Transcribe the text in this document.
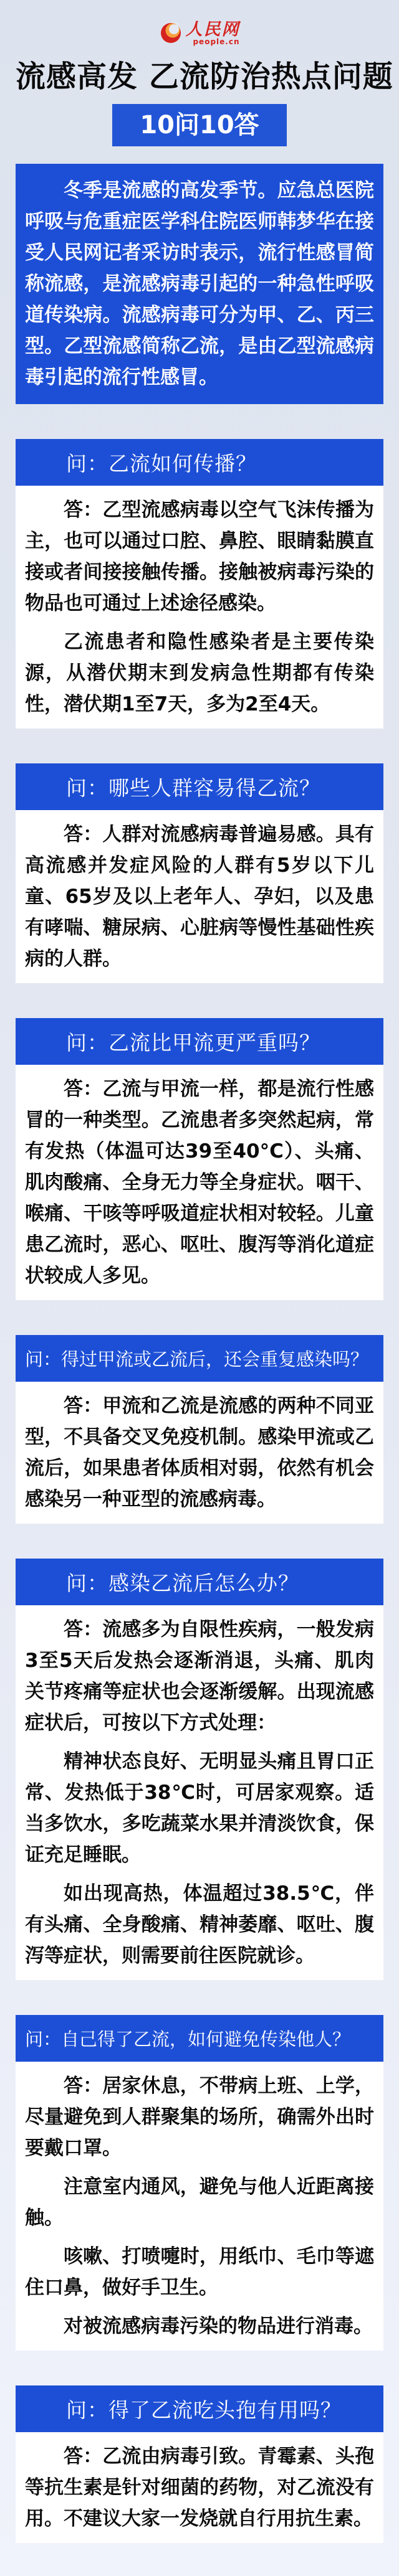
人民网
people.cn
流感高发 乙流防治热点问题
10问10答

冬季是流感的高发季节。应急总医院呼吸与危重症医学科住院医师韩梦华在接受人民网记者采访时表示，流行性感冒简称流感，是流感病毒引起的一种急性呼吸道传染病。流感病毒可分为甲、乙、丙三型。乙型流感简称乙流，是由乙型流感病毒引起的流行性感冒。

问：乙流如何传播？

答：乙型流感病毒以空气飞沫传播为主，也可以通过口腔、鼻腔、眼睛黏膜直接或者间接接触传播。接触被病毒污染的物品也可通过上述途径感染。

乙流患者和隐性感染者是主要传染源，从潜伏期末到发病急性期都有传染性，潜伏期1至7天，多为2至4天。

问：哪些人群容易得乙流？

答：人群对流感病毒普遍易感。具有高流感并发症风险的人群有5岁以下儿童、65岁及以上老年人、孕妇，以及患有哮喘、糖尿病、心脏病等慢性基础性疾病的人群。

问：乙流比甲流更严重吗？

答：乙流与甲流一样，都是流行性感冒的一种类型。乙流患者多突然起病，常有发热（体温可达39至40°C）、头痛、肌肉酸痛、全身无力等全身症状。咽干、喉痛、干咳等呼吸道症状相对较轻。儿童患乙流时，恶心、呕吐、腹泻等消化道症状较成人多见。

问：得过甲流或乙流后，还会重复感染吗？

答：甲流和乙流是流感的两种不同亚型，不具备交叉免疫机制。感染甲流或乙流后，如果患者体质相对弱，依然有机会感染另一种亚型的流感病毒。

问：感染乙流后怎么办？

答：流感多为自限性疾病，一般发病3至5天后发热会逐渐消退，头痛、肌肉关节疼痛等症状也会逐渐缓解。出现流感症状后，可按以下方式处理：

精神状态良好、无明显头痛且胃口正常、发热低于38℃时，可居家观察。适当多饮水，多吃蔬菜水果并清淡饮食，保证充足睡眠。

如出现高热，体温超过38.5℃，伴有头痛、全身酸痛、精神萎靡、呕吐、腹泻等症状，则需要前往医院就诊。

问：自己得了乙流，如何避免传染他人？

答：居家休息，不带病上班、上学，尽量避免到人群聚集的场所，确需外出时要戴口罩。

注意室内通风，避免与他人近距离接触。

咳嗽、打喷嚏时，用纸巾、毛巾等遮住口鼻，做好手卫生。

对被流感病毒污染的物品进行消毒。

问：得了乙流吃头孢有用吗？

答：乙流由病毒引致。青霉素、头孢等抗生素是针对细菌的药物，对乙流没有用。不建议大家一发烧就自行用抗生素。
